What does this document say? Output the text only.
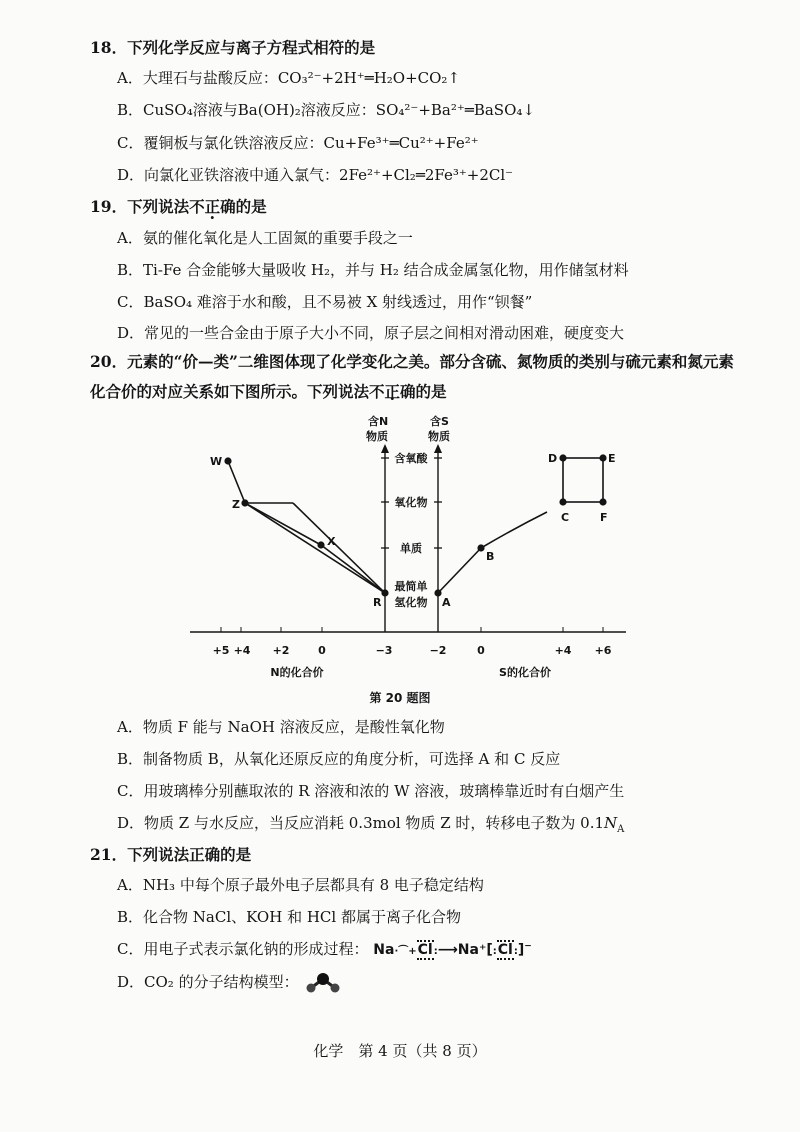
18．下列化学反应与离子方程式相符的是
A．大理石与盐酸反应：CO₃²⁻+2H⁺═H₂O+CO₂↑
B．CuSO₄溶液与Ba(OH)₂溶液反应：SO₄²⁻+Ba²⁺═BaSO₄↓
C．覆铜板与氯化铁溶液反应：Cu+Fe³⁺═Cu²⁺+Fe²⁺
D．向氯化亚铁溶液中通入氯气：2Fe²⁺+Cl₂═2Fe³⁺+2Cl⁻
19．下列说法不正确的是
A．氨的催化氧化是人工固氮的重要手段之一
B．Ti-Fe 合金能够大量吸收 H₂，并与 H₂ 结合成金属氢化物，用作储氢材料
C．BaSO₄ 难溶于水和酸，且不易被 X 射线透过，用作“钡餐”
D．常见的一些合金由于原子大小不同，原子层之间相对滑动困难，硬度变大
20．元素的“价—类”二维图体现了化学变化之美。部分含硫、氮物质的类别与硫元素和氮元素化合价的对应关系如下图所示。下列说法不正确的是
含N
物质
含S
物质
含氧酸
氧化物
单质
最简单
氢化物
+5 +4 +2	0	−3	−2	0	+4 +6
N的化合价	S的化合价
W
Z
X
R	A
B
C
D	E
F
第 20 题图
A．物质 F 能与 NaOH 溶液反应，是酸性氧化物
B．制备物质 B，从氧化还原反应的角度分析，可选择 A 和 C 反应
C．用玻璃棒分别蘸取浓的 R 溶液和浓的 W 溶液，玻璃棒靠近时有白烟产生
D．物质 Z 与水反应，当反应消耗 0.3mol 物质 Z 时，转移电子数为 $0.1N_A$
21．下列说法正确的是
A．NH₃ 中每个原子最外电子层都具有 8 电子稳定结构
B．化合物 NaCl、KOH 和 HCl 都属于离子化合物
C．用电子式表示氯化钠的形成过程： Na·⌒+Cl:⟶Na⁺[:Cl:]−
D．CO₂ 的分子结构模型：
化学　第 4 页（共 8 页）
